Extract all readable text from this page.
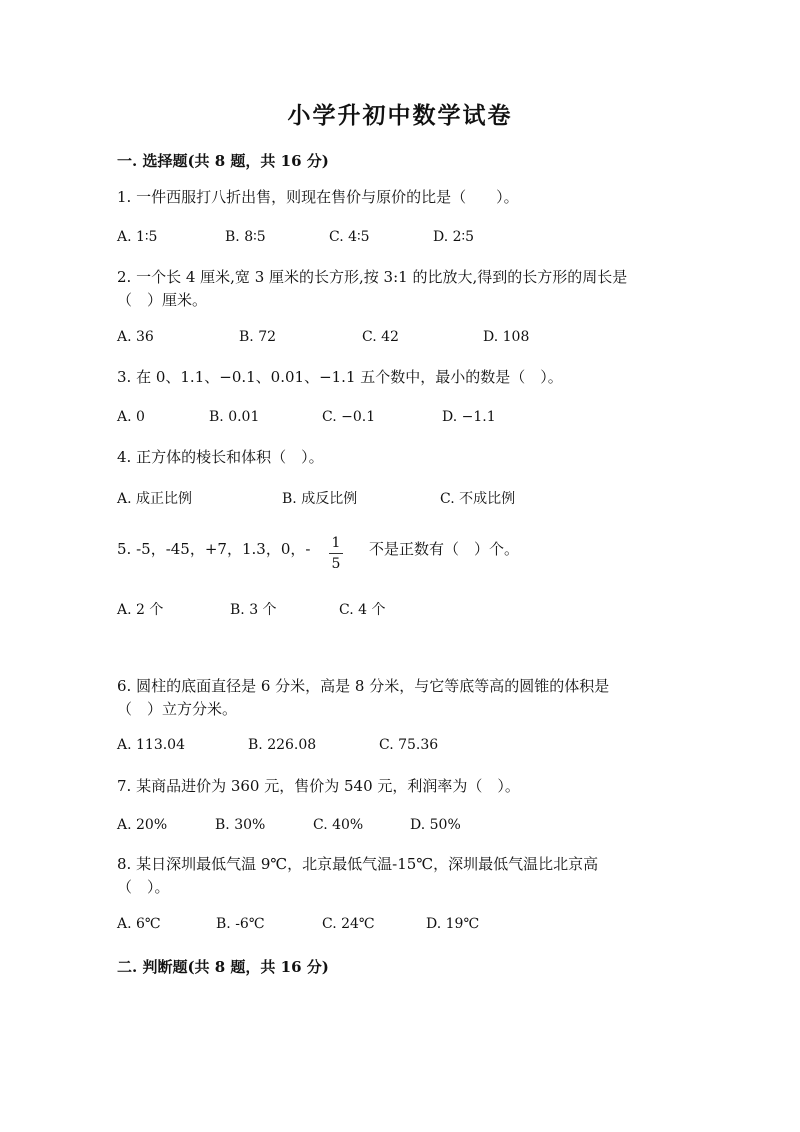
小学升初中数学试卷
一. 选择题(共 8 题，共 16 分)
1. 一件西服打八折出售，则现在售价与原价的比是（　　）。
A. 1∶5	B. 8∶5	C. 4∶5	D. 2∶5
2. 一个长 4 厘米,宽 3 厘米的长方形,按 3:1 的比放大,得到的长方形的周长是
（　）厘米。
A. 36	B. 72	C. 42	D. 108
3. 在 0、1.1、−0.1、0.01、−1.1 五个数中，最小的数是（　）。
A. 0	B. 0.01	C. −0.1	D. −1.1
4. 正方体的棱长和体积（　）。
A. 成正比例	B. 成反比例	C. 不成比例
5. -5，-45，+7，1.3，0，- 1
5
不是正数有（　）个。
A. 2 个	B. 3 个	C. 4 个
6. 圆柱的底面直径是 6 分米，高是 8 分米，与它等底等高的圆锥的体积是
（　）立方分米。
A. 113.04	B. 226.08	C. 75.36
7. 某商品进价为 360 元，售价为 540 元，利润率为（　）。
A. 20%	B. 30%	C. 40%	D. 50%
8. 某日深圳最低气温 9℃，北京最低气温-15℃，深圳最低气温比北京高
（　）。
A. 6℃	B. -6℃	C. 24℃	D. 19℃
二. 判断题(共 8 题，共 16 分)
